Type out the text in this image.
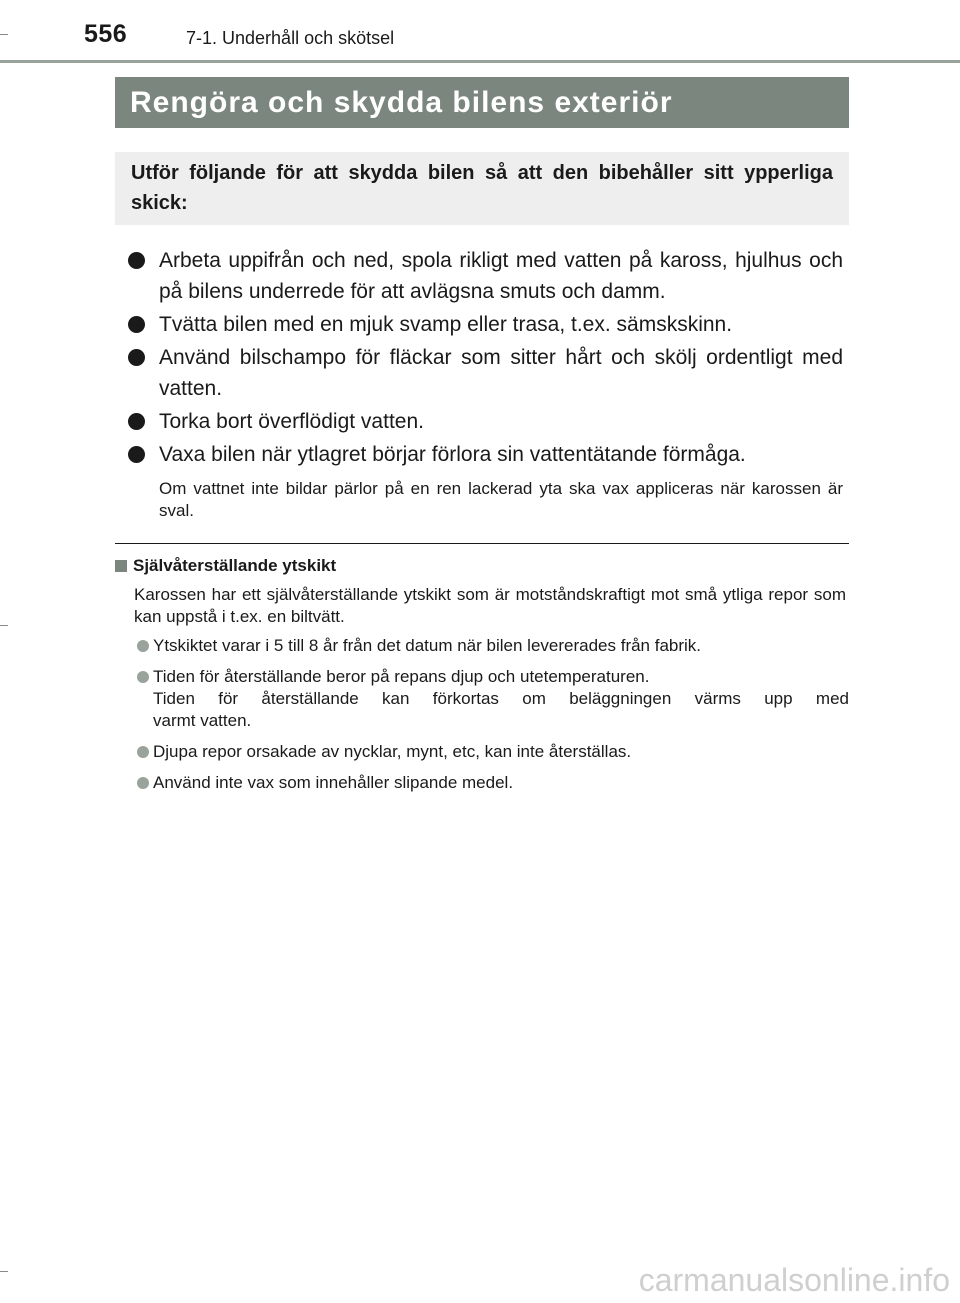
556	7-1. Underhåll och skötsel
Rengöra och skydda bilens exteriör

Utför följande för att skydda bilen så att den bibehåller sitt ypperliga skick:

Arbeta uppifrån och ned, spola rikligt med vatten på kaross, hjulhus och på bilens underrede för att avlägsna smuts och damm.
Tvätta bilen med en mjuk svamp eller trasa, t.ex. sämskskinn.
Använd bilschampo för fläckar som sitter hårt och skölj ordentligt med vatten.
Torka bort överflödigt vatten.
Vaxa bilen när ytlagret börjar förlora sin vattentätande förmåga.

Om vattnet inte bildar pärlor på en ren lackerad yta ska vax appliceras när karossen är sval.

Självåterställande ytskikt

Karossen har ett självåterställande ytskikt som är motståndskraftigt mot små ytliga repor som kan uppstå i t.ex. en biltvätt.

Ytskiktet varar i 5 till 8 år från det datum när bilen levererades från fabrik.
Tiden för återställande beror på repans djup och utetemperaturen.
Tiden för återställande kan förkortas om beläggningen värms upp med
varmt vatten.
Djupa repor orsakade av nycklar, mynt, etc, kan inte återställas.
Använd inte vax som innehåller slipande medel.
carmanualsonline.info
